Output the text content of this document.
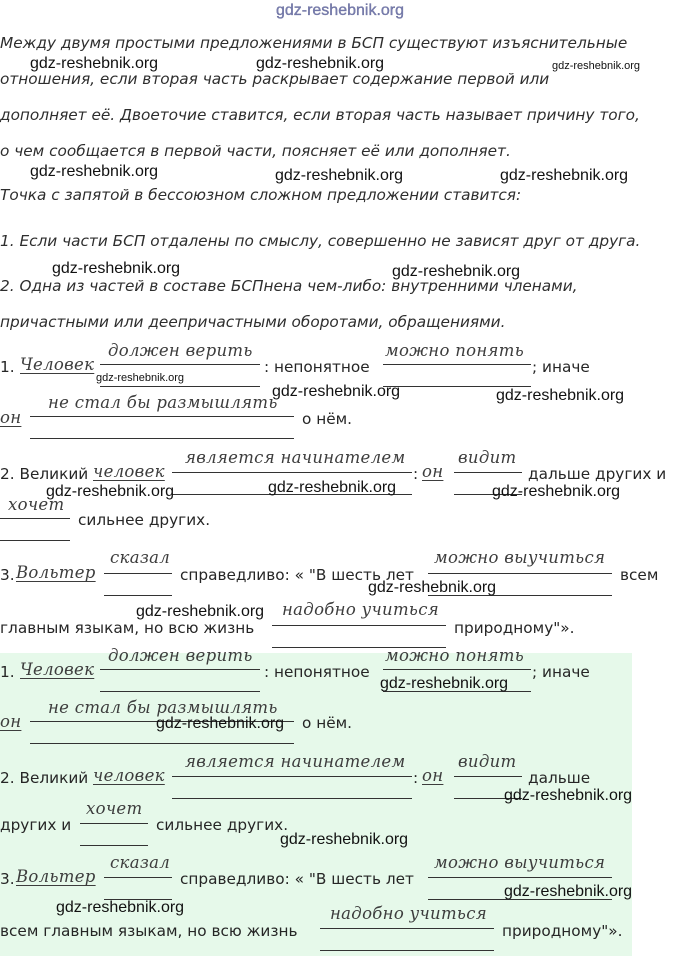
gdz-reshebnik.org
Между двумя простыми предложениями в БСП существуют изъяснительные
отношения, если вторая часть раскрывает содержание первой или
дополняет её. Двоеточие ставится, если вторая часть называет причину того,
о чем сообщается в первой части, поясняет её или дополняет.
Точка с запятой в бессоюзном сложном предложении ставится:
1. Если части БСП отдалены по смыслу, совершенно не зависят друг от друга.
2. Одна из частей в составе БСПнена чем-либо: внутренними членами,
причастными или деепричастными оборотами, обращениями.
1. Человек
должен верить
: непонятное
можно понять
; иначе
он
не стал бы размышлять
о нём.
2. Великий человек
является начинателем
: он
видит
дальше других и
хочет
сильнее других.
3. Вольтер
сказал
справедливо: « "В шесть лет
можно выучиться
всем
главным языкам, но всю жизнь
надобно учиться
природному"».
1. Человек
должен верить
: непонятное
можно понять
; иначе
он
не стал бы размышлять
о нём.
2. Великий человек
является начинателем
: он
видит
дальше
других и
хочет
сильнее других.
3. Вольтер
сказал
справедливо: « "В шесть лет
можно выучиться
всем главным языкам, но всю жизнь
надобно учиться
природному"».
gdz-reshebnik.org	gdz-reshebnik.org	gdz-reshebnik.org
gdz-reshebnik.org	gdz-reshebnik.org	gdz-reshebnik.org
gdz-reshebnik.org	gdz-reshebnik.org
gdz-reshebnik.org
gdz-reshebnik.org	gdz-reshebnik.org
gdz-reshebnik.org	gdz-reshebnik.org	gdz-reshebnik.org
gdz-reshebnik.org
gdz-reshebnik.org
gdz-reshebnik.org
gdz-reshebnik.org
gdz-reshebnik.org
gdz-reshebnik.org
gdz-reshebnik.org
gdz-reshebnik.org
